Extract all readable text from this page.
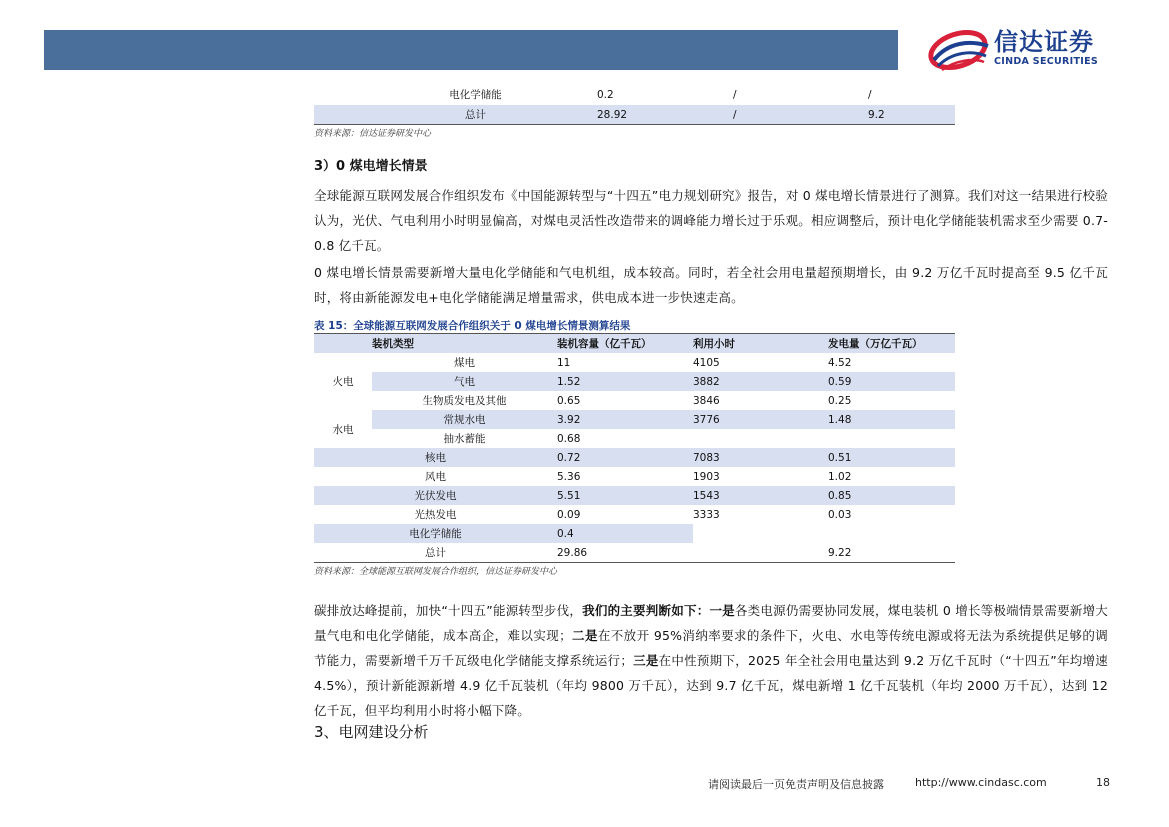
信达证券
CINDA SECURITIES
电化学储能	0.2	/	/
总计	28.92	/	9.2
资料来源：信达证券研发中心
3）0 煤电增长情景
全球能源互联网发展合作组织发布《中国能源转型与“十四五”电力规划研究》报告，对 0 煤电增长情景进行了测算。我们对这一结果进行校验认为，光伏、气电利用小时明显偏高，对煤电灵活性改造带来的调峰能力增长过于乐观。相应调整后，预计电化学储能装机需求至少需要 0.7-0.8 亿千瓦。
0 煤电增长情景需要新增大量电化学储能和气电机组，成本较高。同时，若全社会用电量超预期增长，由 9.2 万亿千瓦时提高至 9.5 亿千瓦时，将由新能源发电+电化学储能满足增量需求，供电成本进一步快速走高。
表 15：全球能源互联网发展合作组织关于 0 煤电增长情景测算结果
	装机类型	装机容量（亿千瓦）	利用小时	发电量（万亿千瓦）
火电	煤电	11	4105	4.52
	气电	1.52	3882	0.59
	生物质发电及其他	0.65	3846	0.25
水电	常规水电	3.92	3776	1.48
	抽水蓄能	0.68		
核电		0.72	7083	0.51
风电		5.36	1903	1.02
光伏发电		5.51	1543	0.85
光热发电		0.09	3333	0.03
电化学储能		0.4		
总计		29.86		9.22
资料来源：全球能源互联网发展合作组织，信达证券研发中心
碳排放达峰提前，加快“十四五”能源转型步伐，我们的主要判断如下：一是各类电源仍需要协同发展，煤电装机 0 增长等极端情景需要新增大量气电和电化学储能，成本高企，难以实现；二是在不放开 95%消纳率要求的条件下，火电、水电等传统电源或将无法为系统提供足够的调节能力，需要新增千万千瓦级电化学储能支撑系统运行；三是在中性预期下，2025 年全社会用电量达到 9.2 万亿千瓦时（“十四五”年均增速 4.5%），预计新能源新增 4.9 亿千瓦装机（年均 9800 万千瓦），达到 9.7 亿千瓦，煤电新增 1 亿千瓦装机（年均 2000 万千瓦），达到 12 亿千瓦，但平均利用小时将小幅下降。
3、电网建设分析
请阅读最后一页免责声明及信息披露	http://www.cindasc.com	18
